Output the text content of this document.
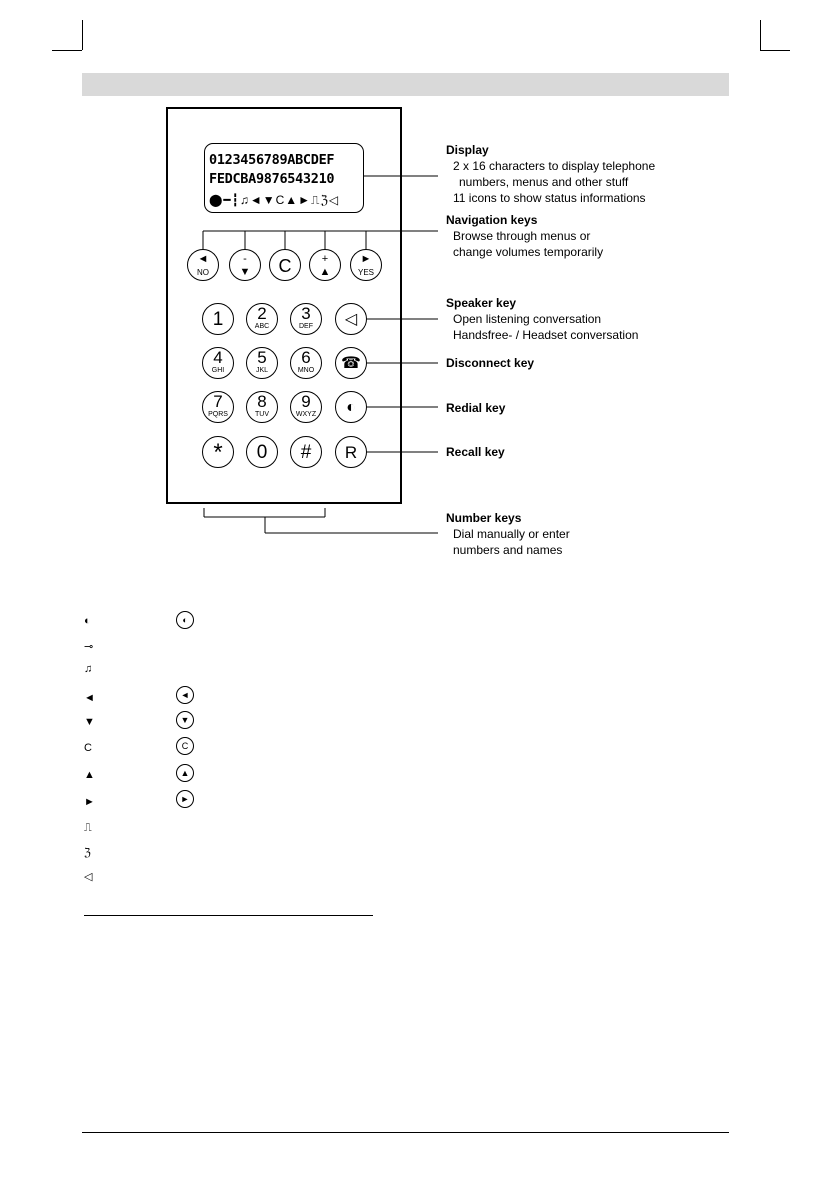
0123456789ABCDEF
FEDCBA9876543210
⬤━┇♫◄▼C▲►⎍ℨ◁
◄
NO
-
▼	C	+
▲
►
YES
1	2
ABC
3
DEF
4
GHI
5
JKL
6
MNO
7
PQRS
8
TUV
9
WXYZ
*	0	#
◁
☎
◐
R
Display
2 x 16 characters to display telephone
numbers, menus and other stuff
11 icons to show status informations
Navigation keys
Browse through menus or
change volumes temporarily
Speaker key
Open listening conversation
Handsfree- / Headset conversation
Disconnect key
Redial key
Recall key
Number keys
Dial manually or enter
numbers and names
◐	◐
⊸
♫
◄	◄
▼	▼
C	C
▲	▲
►	►
⎍
ℨ
◁
